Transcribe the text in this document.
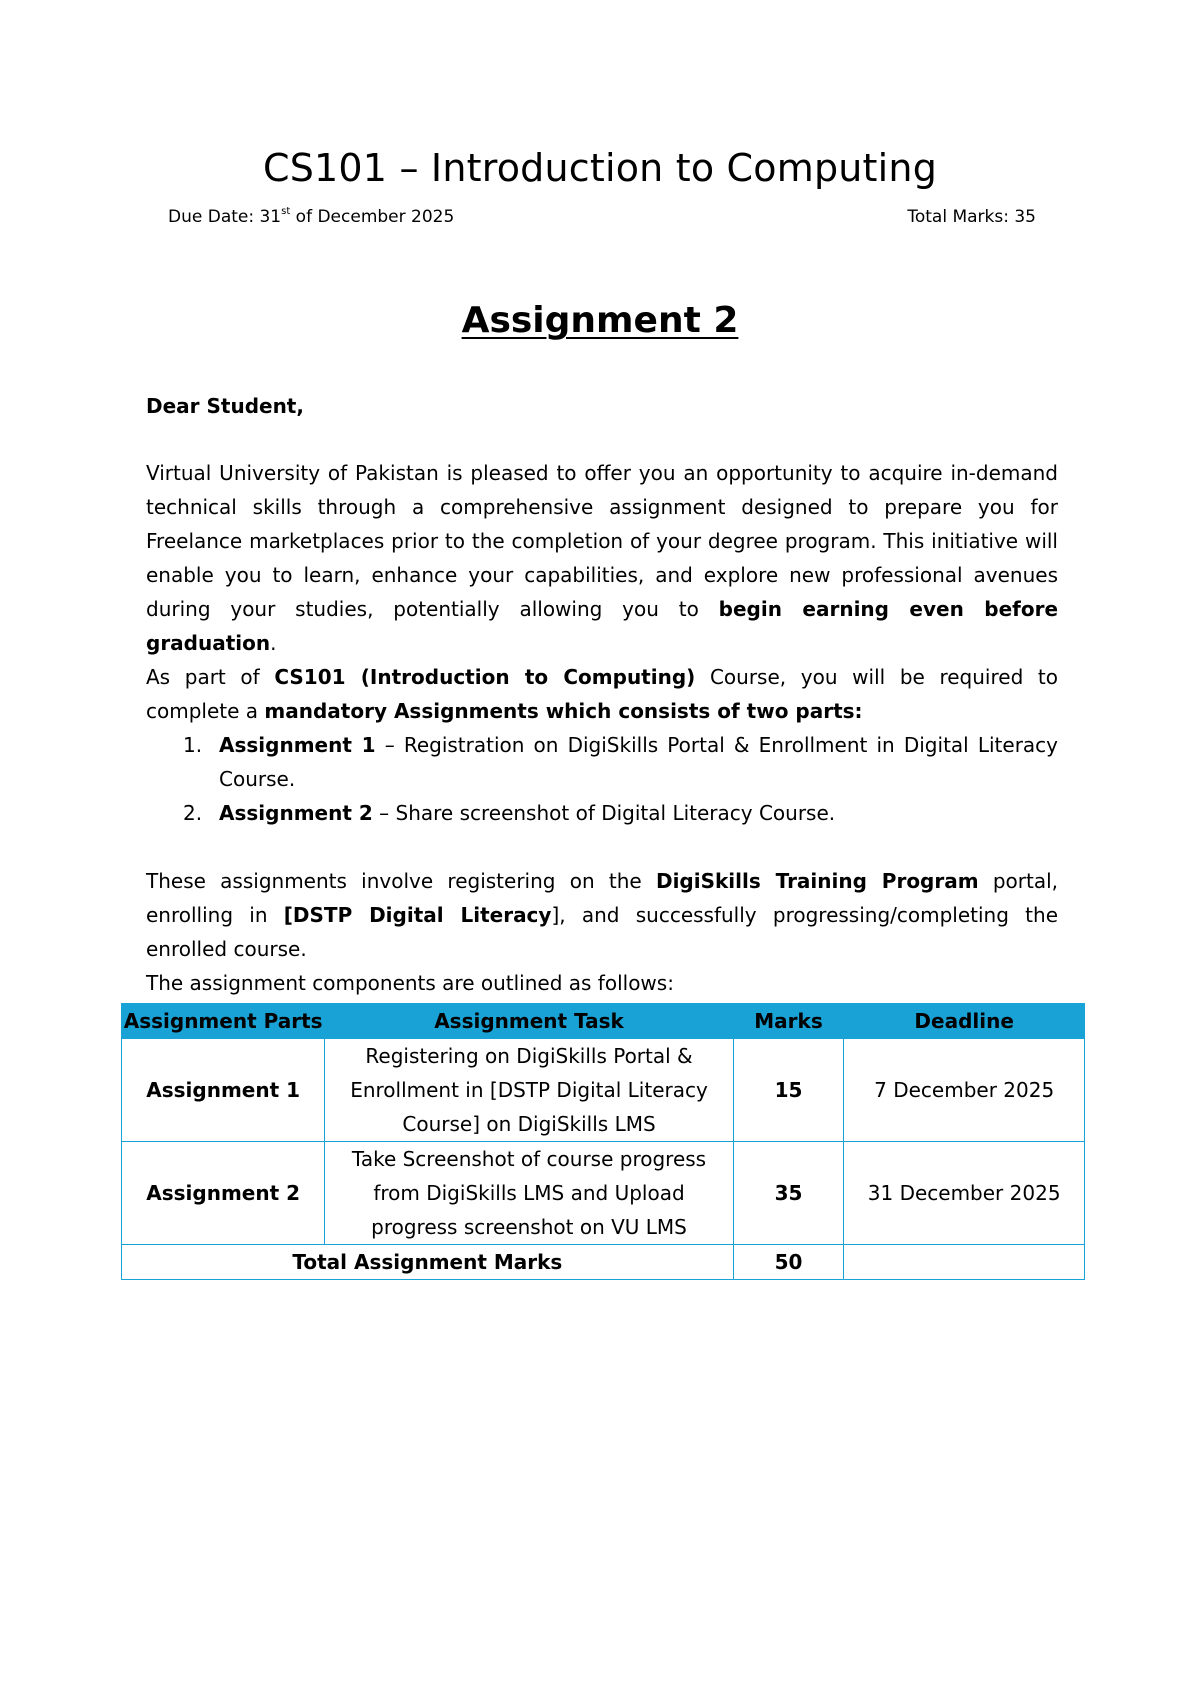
CS101 – Introduction to Computing
Due Date: 31st of December 2025	Total Marks: 35
Assignment 2
Dear Student,
Virtual University of Pakistan is pleased to offer you an opportunity to acquire in-demand technical skills through a comprehensive assignment designed to prepare you for Freelance marketplaces prior to the completion of your degree program. This initiative will enable you to learn, enhance your capabilities, and explore new professional avenues during your studies, potentially allowing you to begin earning even before graduation.
As part of CS101 (Introduction to Computing) Course, you will be required to complete a mandatory Assignments which consists of two parts:
1. Assignment 1 – Registration on DigiSkills Portal & Enrollment in Digital Literacy Course.
2. Assignment 2 – Share screenshot of Digital Literacy Course.
These assignments involve registering on the DigiSkills Training Program portal, enrolling in [DSTP Digital Literacy], and successfully progressing/completing the enrolled course.
The assignment components are outlined as follows:
Assignment Parts	Assignment Task	Marks	Deadline
Assignment 1	Registering on DigiSkills Portal & Enrollment in [DSTP Digital Literacy Course] on DigiSkills LMS	15	7 December 2025
Assignment 2	Take Screenshot of course progress from DigiSkills LMS and Upload progress screenshot on VU LMS	35	31 December 2025
Total Assignment Marks		50	
